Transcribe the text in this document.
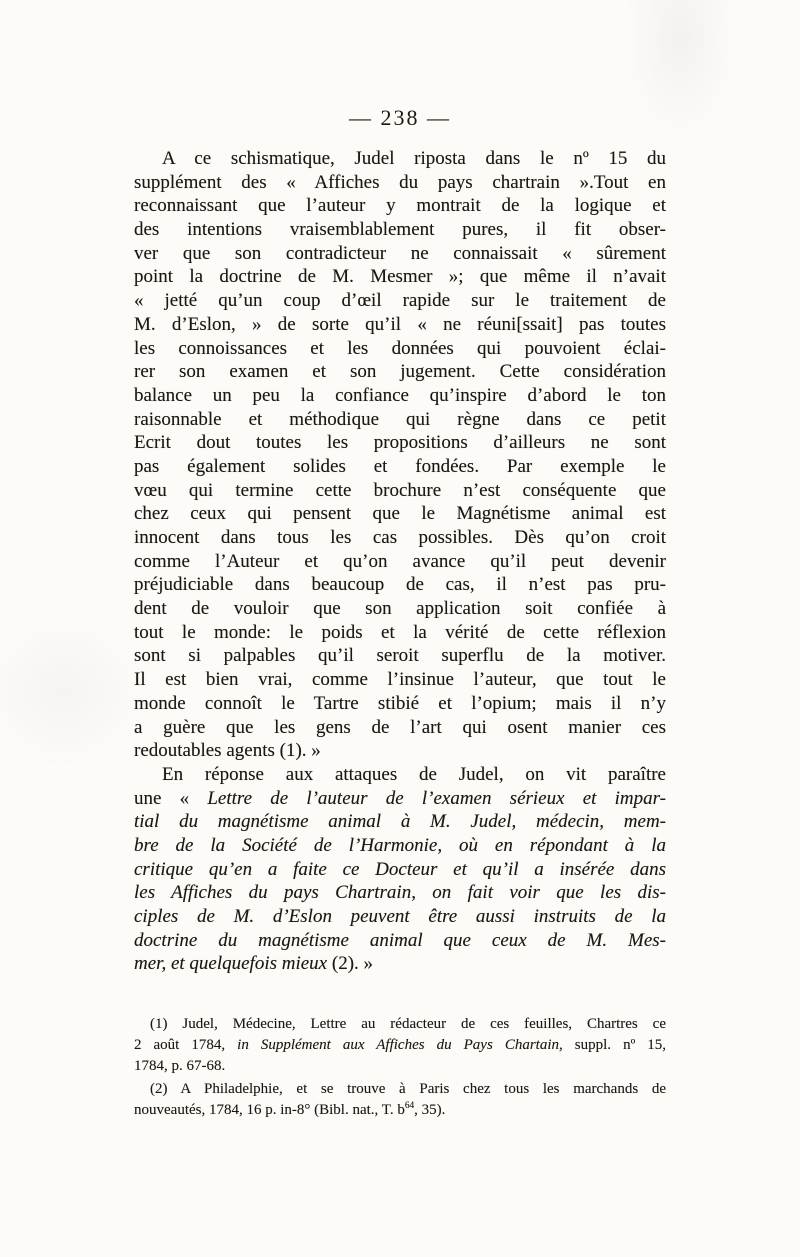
— 238 —
A ce schismatique, Judel riposta dans le nº 15 du
supplément des « Affiches du pays chartrain ».Tout en
reconnaissant que l’auteur y montrait de la logique et
des intentions vraisemblablement pures, il fit obser-
ver que son contradicteur ne connaissait « sûrement
point la doctrine de M. Mesmer »; que même il n’avait
« jetté qu’un coup d’œil rapide sur le traitement de
M. d’Eslon, » de sorte qu’il « ne réuni[ssait] pas toutes
les connoissances et les données qui pouvoient éclai-
rer son examen et son jugement. Cette considération
balance un peu la confiance qu’inspire d’abord le ton
raisonnable et méthodique qui règne dans ce petit
Ecrit dout toutes les propositions d’ailleurs ne sont
pas également solides et fondées. Par exemple le
vœu qui termine cette brochure n’est conséquente que
chez ceux qui pensent que le Magnétisme animal est
innocent dans tous les cas possibles. Dès qu’on croit
comme l’Auteur et qu’on avance qu’il peut devenir
préjudiciable dans beaucoup de cas, il n’est pas pru-
dent de vouloir que son application soit confiée à
tout le monde: le poids et la vérité de cette réflexion
sont si palpables qu’il seroit superflu de la motiver.
Il est bien vrai, comme l’insinue l’auteur, que tout le
monde connoît le Tartre stibié et l’opium; mais il n’y
a guère que les gens de l’art qui osent manier ces
redoutables agents (1). »
En réponse aux attaques de Judel, on vit paraître
une « Lettre de l’auteur de l’examen sérieux et impar-
tial du magnétisme animal à M. Judel, médecin, mem-
bre de la Société de l’Harmonie, où en répondant à la
critique qu’en a faite ce Docteur et qu’il a insérée dans
les Affiches du pays Chartrain, on fait voir que les dis-
ciples de M. d’Eslon peuvent être aussi instruits de la
doctrine du magnétisme animal que ceux de M. Mes-
mer, et quelquefois mieux (2). »
(1) Judel, Médecine, Lettre au rédacteur de ces feuilles, Chartres ce
2 août 1784, in Supplément aux Affiches du Pays Chartain, suppl. nº 15,
1784, p. 67-68.
(2) A Philadelphie, et se trouve à Paris chez tous les marchands de
nouveautés, 1784, 16 p. in-8° (Bibl. nat., T. $b^{64}$, 35).
